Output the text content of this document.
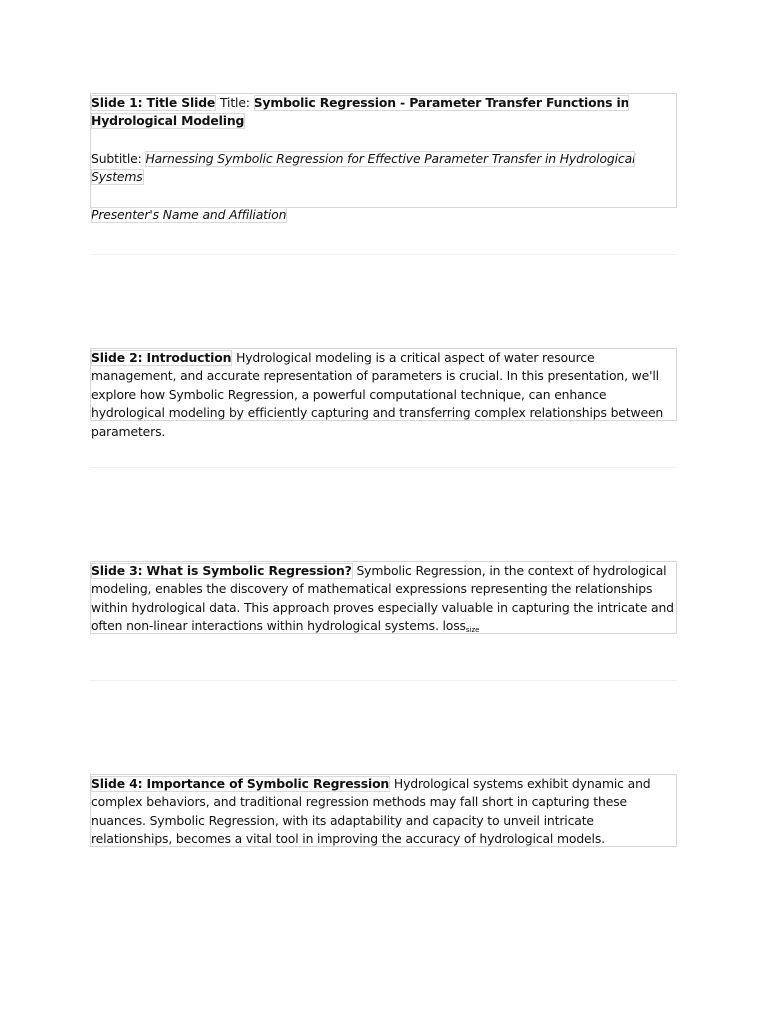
Slide 1: Title Slide Title: Symbolic Regression - Parameter Transfer Functions in Hydrological Modeling
Subtitle: Harnessing Symbolic Regression for Effective Parameter Transfer in Hydrological Systems
Presenter's Name and Affiliation
Slide 2: Introduction Hydrological modeling is a critical aspect of water resource management, and accurate representation of parameters is crucial. In this presentation, we'll explore how Symbolic Regression, a powerful computational technique, can enhance hydrological modeling by efficiently capturing and transferring complex relationships between parameters.
Slide 3: What is Symbolic Regression? Symbolic Regression, in the context of hydrological modeling, enables the discovery of mathematical expressions representing the relationships within hydrological data. This approach proves especially valuable in capturing the intricate and often non-linear interactions within hydrological systems. loss$_{size}$
Slide 4: Importance of Symbolic Regression Hydrological systems exhibit dynamic and complex behaviors, and traditional regression methods may fall short in capturing these nuances. Symbolic Regression, with its adaptability and capacity to unveil intricate relationships, becomes a vital tool in improving the accuracy of hydrological models.
